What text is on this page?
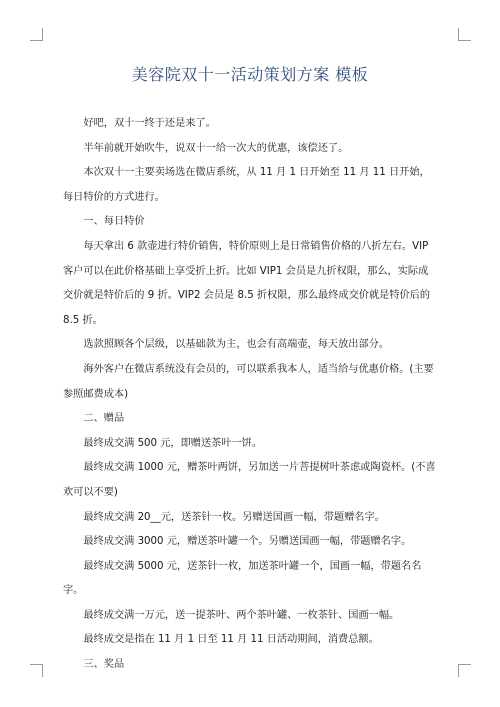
美容院双十一活动策划方案 模板

好吧，双十一终于还是来了。

半年前就开始吹牛，说双十一给一次大的优惠，该偿还了。

本次双十一主要卖场选在微店系统，从 11 月 1 日开始至 11 月 11 日开始，每日特价的方式进行。

一、每日特价

每天拿出 6 款壶进行特价销售，特价原则上是日常销售价格的八折左右。VIP 客户可以在此价格基础上享受折上折。比如 VIP1 会员是九折权限，那么，实际成交价就是特价后的 9 折。VIP2 会员是 8.5 折权限，那么最终成交价就是特价后的 8.5 折。

选款照顾各个层级，以基础款为主，也会有高端壶，每天放出部分。

海外客户在微店系统没有会员的，可以联系我本人，适当给与优惠价格。(主要参照邮费成本)

二、赠品

最终成交满 500 元，即赠送茶叶一饼。

最终成交满 1000 元，赠茶叶两饼，另加送一片菩提树叶茶虑或陶瓷杯。(不喜欢可以不要)

最终成交满 20__元，送茶针一枚。另赠送国画一幅，带题赠名字。

最终成交满 3000 元，赠送茶叶罐一个。另赠送国画一幅，带题赠名字。

最终成交满 5000 元，送茶针一枚，加送茶叶罐一个，国画一幅，带题名名字。

最终成交满一万元，送一提茶叶、两个茶叶罐、一枚茶针、国画一幅。

最终成交是指在 11 月 1 日至 11 月 11 日活动期间，消费总额。

三、奖品
